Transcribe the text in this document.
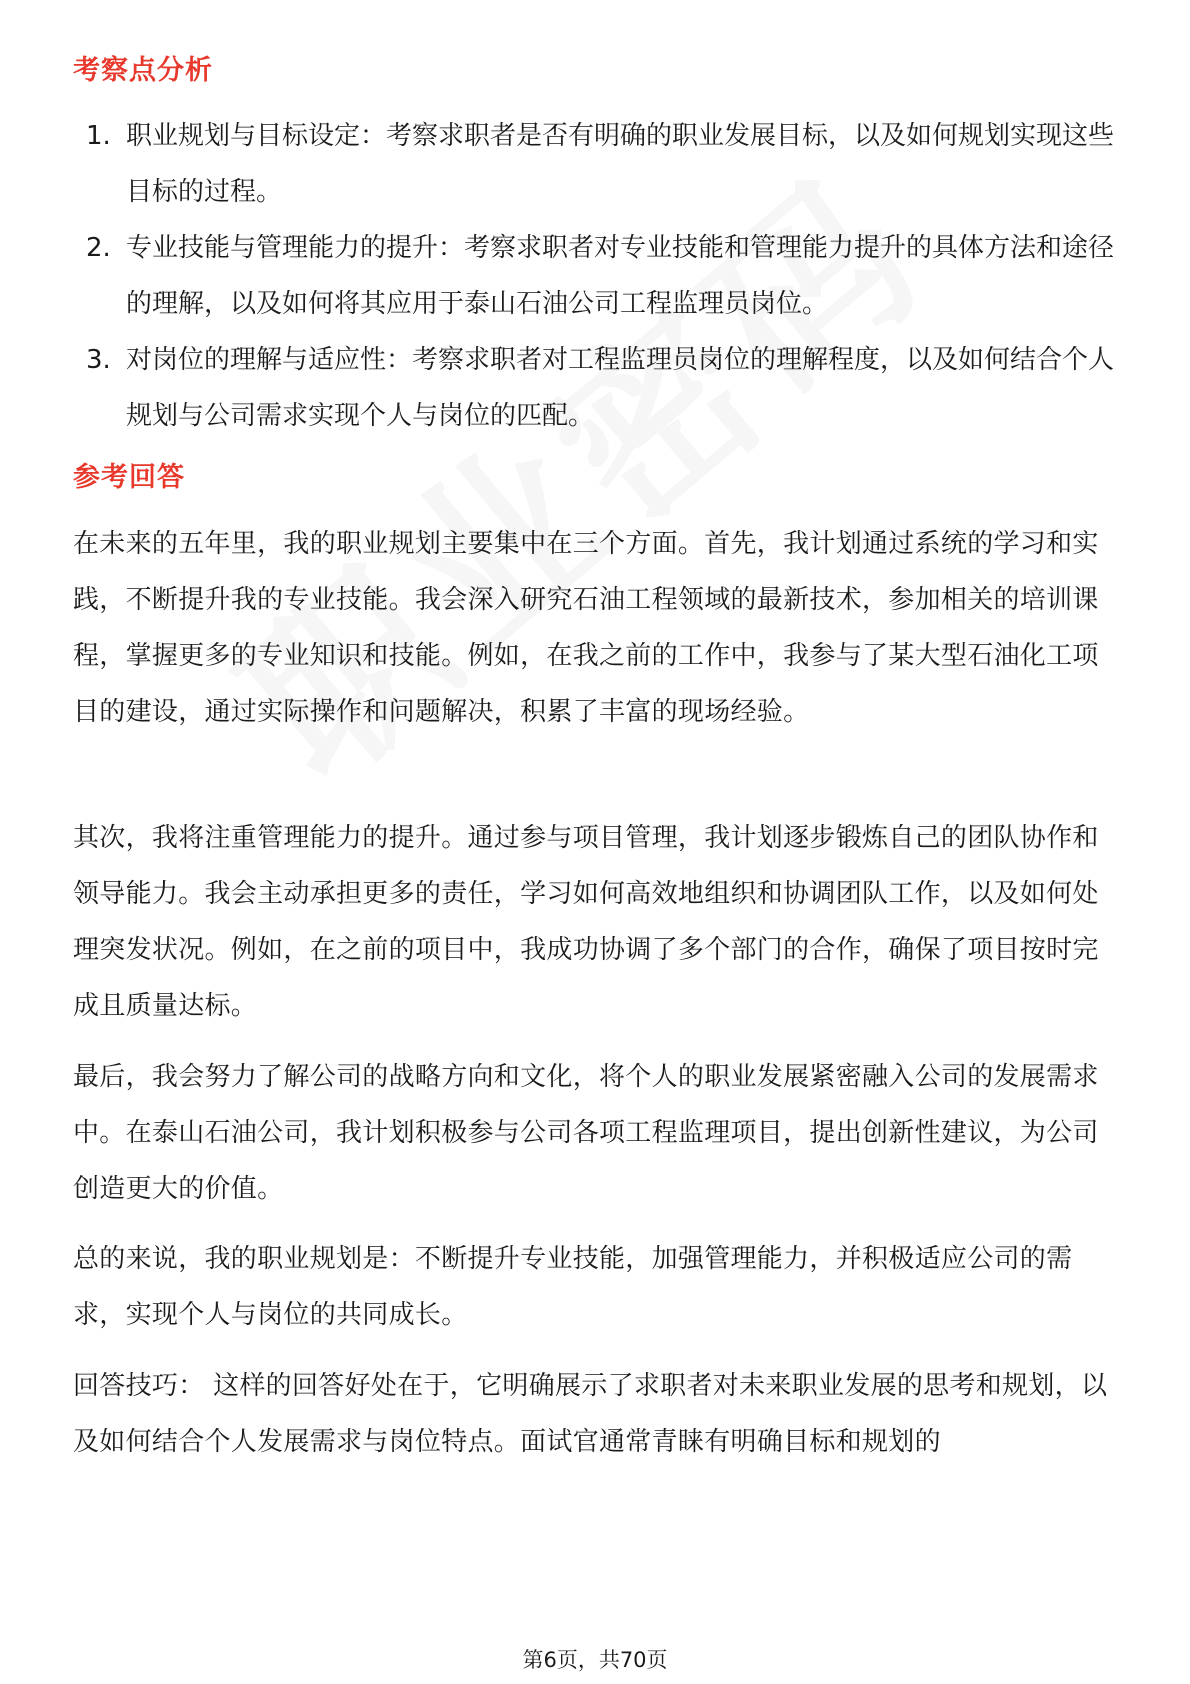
考察点分析
1. 职业规划与目标设定：考察求职者是否有明确的职业发展目标，以及如何规划实现这些目标的过程。
2. 专业技能与管理能力的提升：考察求职者对专业技能和管理能力提升的具体方法和途径的理解，以及如何将其应用于泰山石油公司工程监理员岗位。
3. 对岗位的理解与适应性：考察求职者对工程监理员岗位的理解程度，以及如何结合个人规划与公司需求实现个人与岗位的匹配。
参考回答

在未来的五年里，我的职业规划主要集中在三个方面。首先，我计划通过系统的学习和实践，不断提升我的专业技能。我会深入研究石油工程领域的最新技术，参加相关的培训课程，掌握更多的专业知识和技能。例如，在我之前的工作中，我参与了某大型石油化工项目的建设，通过实际操作和问题解决，积累了丰富的现场经验。

其次，我将注重管理能力的提升。通过参与项目管理，我计划逐步锻炼自己的团队协作和领导能力。我会主动承担更多的责任，学习如何高效地组织和协调团队工作，以及如何处理突发状况。例如，在之前的项目中，我成功协调了多个部门的合作，确保了项目按时完成且质量达标。

最后，我会努力了解公司的战略方向和文化，将个人的职业发展紧密融入公司的发展需求中。在泰山石油公司，我计划积极参与公司各项工程监理项目，提出创新性建议，为公司创造更大的价值。

总的来说，我的职业规划是：不断提升专业技能，加强管理能力，并积极适应公司的需求，实现个人与岗位的共同成长。

回答技巧： 这样的回答好处在于，它明确展示了求职者对未来职业发展的思考和规划，以及如何结合个人发展需求与岗位特点。面试官通常青睐有明确目标和规划的

第6页，共70页
